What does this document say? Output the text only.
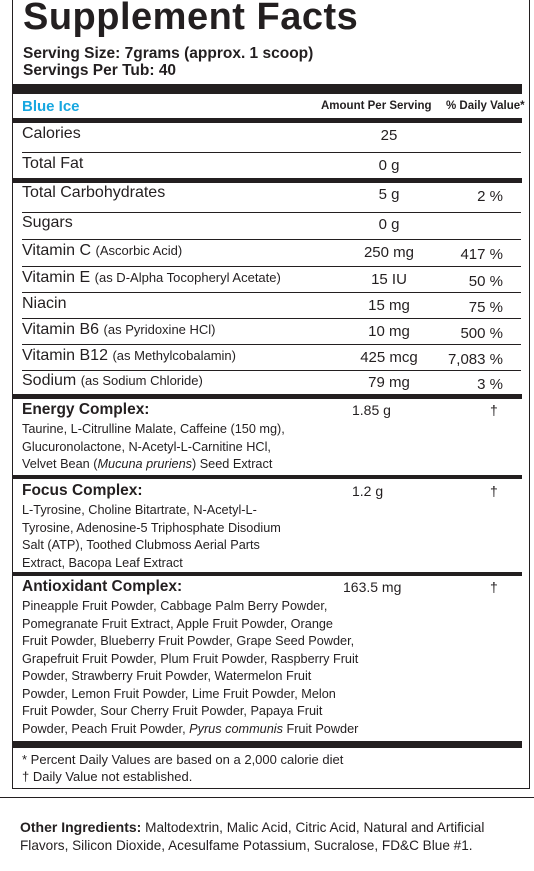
Supplement Facts
Serving Size: 7grams (approx. 1 scoop)
Servings Per Tub: 40
Blue Ice	Amount Per Serving % Daily Value*
Calories	25
Total Fat	0 g
Total Carbohydrates	5 g	2 %
Sugars	0 g
Vitamin C (Ascorbic Acid)	250 mg	417 %
Vitamin E (as D-Alpha Tocopheryl Acetate)	15 IU	50 %
Niacin	15 mg	75 %
Vitamin B6 (as Pyridoxine HCl)	10 mg	500 %
Vitamin B12 (as Methylcobalamin)	425 mcg	7,083 %
Sodium (as Sodium Chloride)	79 mg	3 %
Energy Complex:	1.85 g	†
Taurine, L-Citrulline Malate, Caffeine (150 mg),
Glucuronolactone, N-Acetyl-L-Carnitine HCl,
Velvet Bean (Mucuna pruriens) Seed Extract
Focus Complex:	1.2 g	†
L-Tyrosine, Choline Bitartrate, N-Acetyl-L-
Tyrosine, Adenosine-5 Triphosphate Disodium
Salt (ATP), Toothed Clubmoss Aerial Parts
Extract, Bacopa Leaf Extract
Antioxidant Complex:	163.5 mg	†
Pineapple Fruit Powder, Cabbage Palm Berry Powder,
Pomegranate Fruit Extract, Apple Fruit Powder, Orange
Fruit Powder, Blueberry Fruit Powder, Grape Seed Powder,
Grapefruit Fruit Powder, Plum Fruit Powder, Raspberry Fruit
Powder, Strawberry Fruit Powder, Watermelon Fruit
Powder, Lemon Fruit Powder, Lime Fruit Powder, Melon
Fruit Powder, Sour Cherry Fruit Powder, Papaya Fruit
Powder, Peach Fruit Powder, Pyrus communis Fruit Powder
* Percent Daily Values are based on a 2,000 calorie diet
† Daily Value not established.
Other Ingredients: Maltodextrin, Malic Acid, Citric Acid, Natural and Artificial Flavors, Silicon Dioxide, Acesulfame Potassium, Sucralose, FD&C Blue #1.
